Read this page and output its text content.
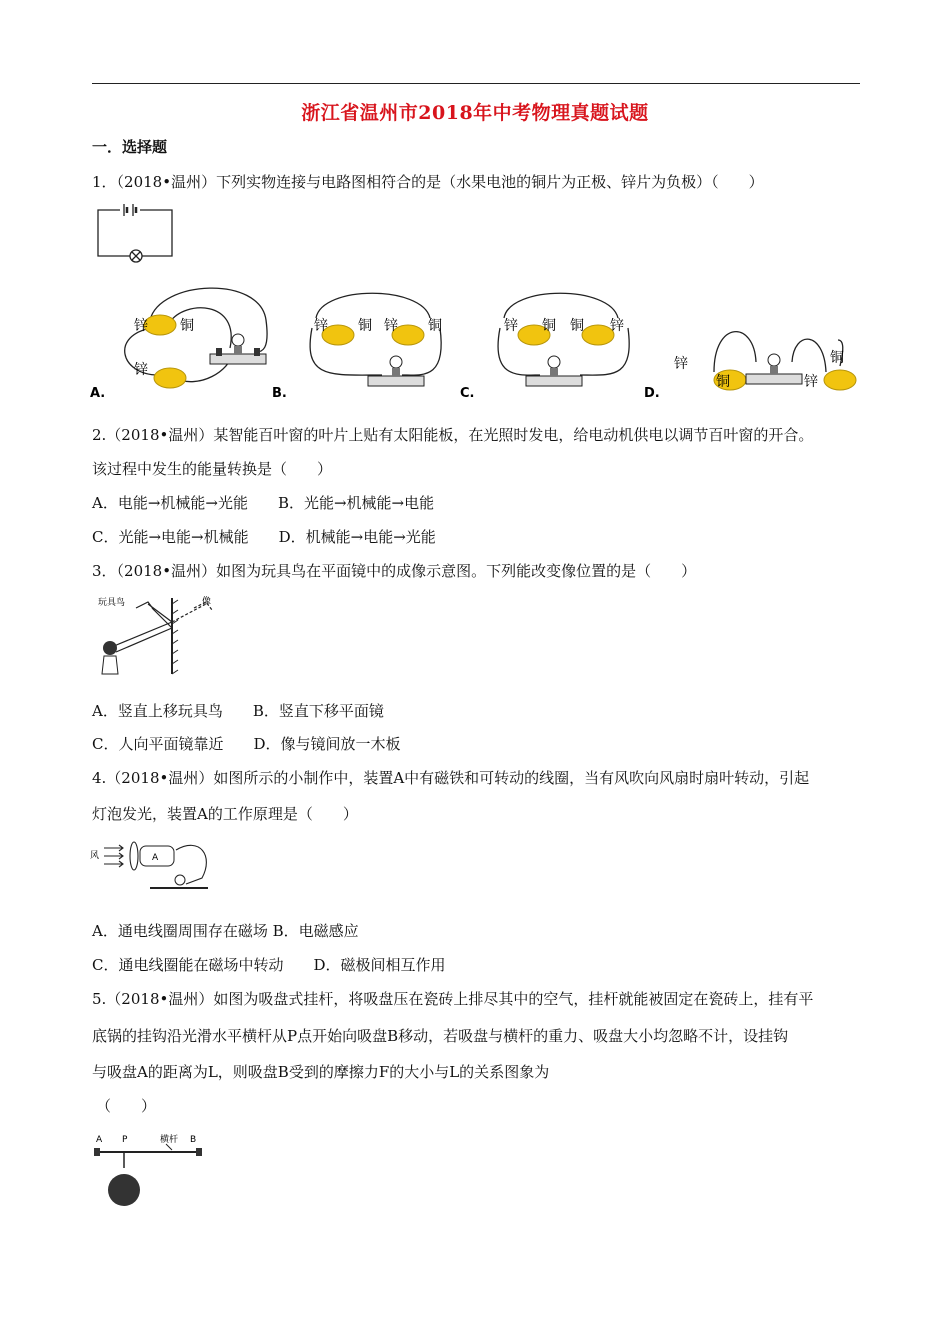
浙江省温州市2018年中考物理真题试题
一．选择题
1．（2018•温州）下列实物连接与电路图相符合的是（水果电池的铜片为正极、锌片为负极）（　　）
锌 铜
锌
A.
锌 铜 锌 铜
B.
锌 铜 铜 锌
C.
锌
铜	锌
铜
D.
2.（2018•温州）某智能百叶窗的叶片上贴有太阳能板，在光照时发电，给电动机供电以调节百叶窗的开合。
该过程中发生的能量转换是（　　）
A．电能→机械能→光能　　B．光能→机械能→电能
C．光能→电能→机械能　　D．机械能→电能→光能
3．（2018•温州）如图为玩具鸟在平面镜中的成像示意图。下列能改变像位置的是（　　）
玩具鸟	像
A．竖直上移玩具鸟　　B．竖直下移平面镜
C．人向平面镜靠近　　D．像与镜间放一木板
4.（2018•温州）如图所示的小制作中，装置A中有磁铁和可转动的线圈，当有风吹向风扇时扇叶转动，引起
灯泡发光，装置A的工作原理是（　　）
风	A
A．通电线圈周围存在磁场 B．电磁感应
C．通电线圈能在磁场中转动　　D．磁极间相互作用
5.（2018•温州）如图为吸盘式挂杆，将吸盘压在瓷砖上排尽其中的空气，挂杆就能被固定在瓷砖上，挂有平
底锅的挂钩沿光滑水平横杆从P点开始向吸盘B移动，若吸盘与横杆的重力、吸盘大小均忽略不计，设挂钩
与吸盘A的距离为L，则吸盘B受到的摩擦力F的大小与L的关系图象为
（　　）
A P	横杆 B
